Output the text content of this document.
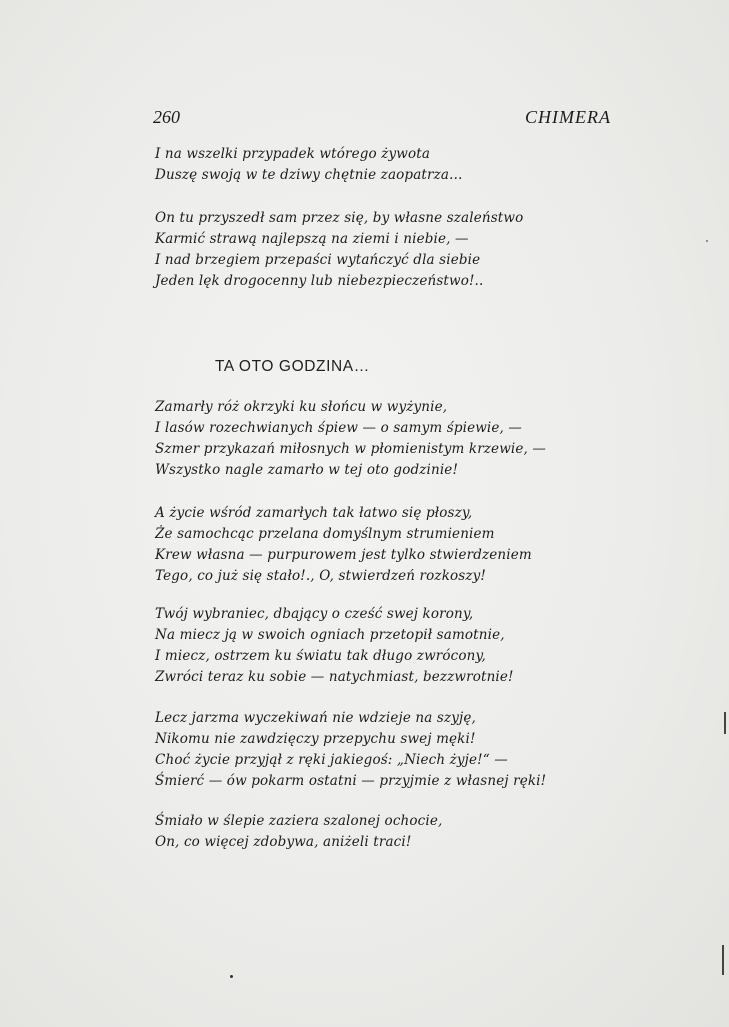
260	CHIMERA
I na wszelki przypadek wtórego żywota
Duszę swoją w te dziwy chętnie zaopatrza…
On tu przyszedł sam przez się, by własne szaleństwo
Karmić strawą najlepszą na ziemi i niebie, —
I nad brzegiem przepaści wytańczyć dla siebie
Jeden lęk drogocenny lub niebezpieczeństwo!..
TA OTO GODZINA…
Zamarły róż okrzyki ku słońcu w wyżynie,
I lasów rozechwianych śpiew — o samym śpiewie, —
Szmer przykazań miłosnych w płomienistym krzewie, —
Wszystko nagle zamarło w tej oto godzinie!
A życie wśród zamarłych tak łatwo się płoszy,
Że samochcąc przelana domyślnym strumieniem
Krew własna — purpurowem jest tylko stwierdzeniem
Tego, co już się stało!., O, stwierdzeń rozkoszy!
Twój wybraniec, dbający o cześć swej korony,
Na miecz ją w swoich ogniach przetopił samotnie,
I miecz, ostrzem ku światu tak długo zwrócony,
Zwróci teraz ku sobie — natychmiast, bezzwrotnie!
Lecz jarzma wyczekiwań nie wdzieje na szyję,
Nikomu nie zawdzięczy przepychu swej męki!
Choć życie przyjął z ręki jakiegoś: „Niech żyje!“ —
Śmierć — ów pokarm ostatni — przyjmie z własnej ręki!
Śmiało w ślepie zaziera szalonej ochocie,
On, co więcej zdobywa, aniżeli traci!
